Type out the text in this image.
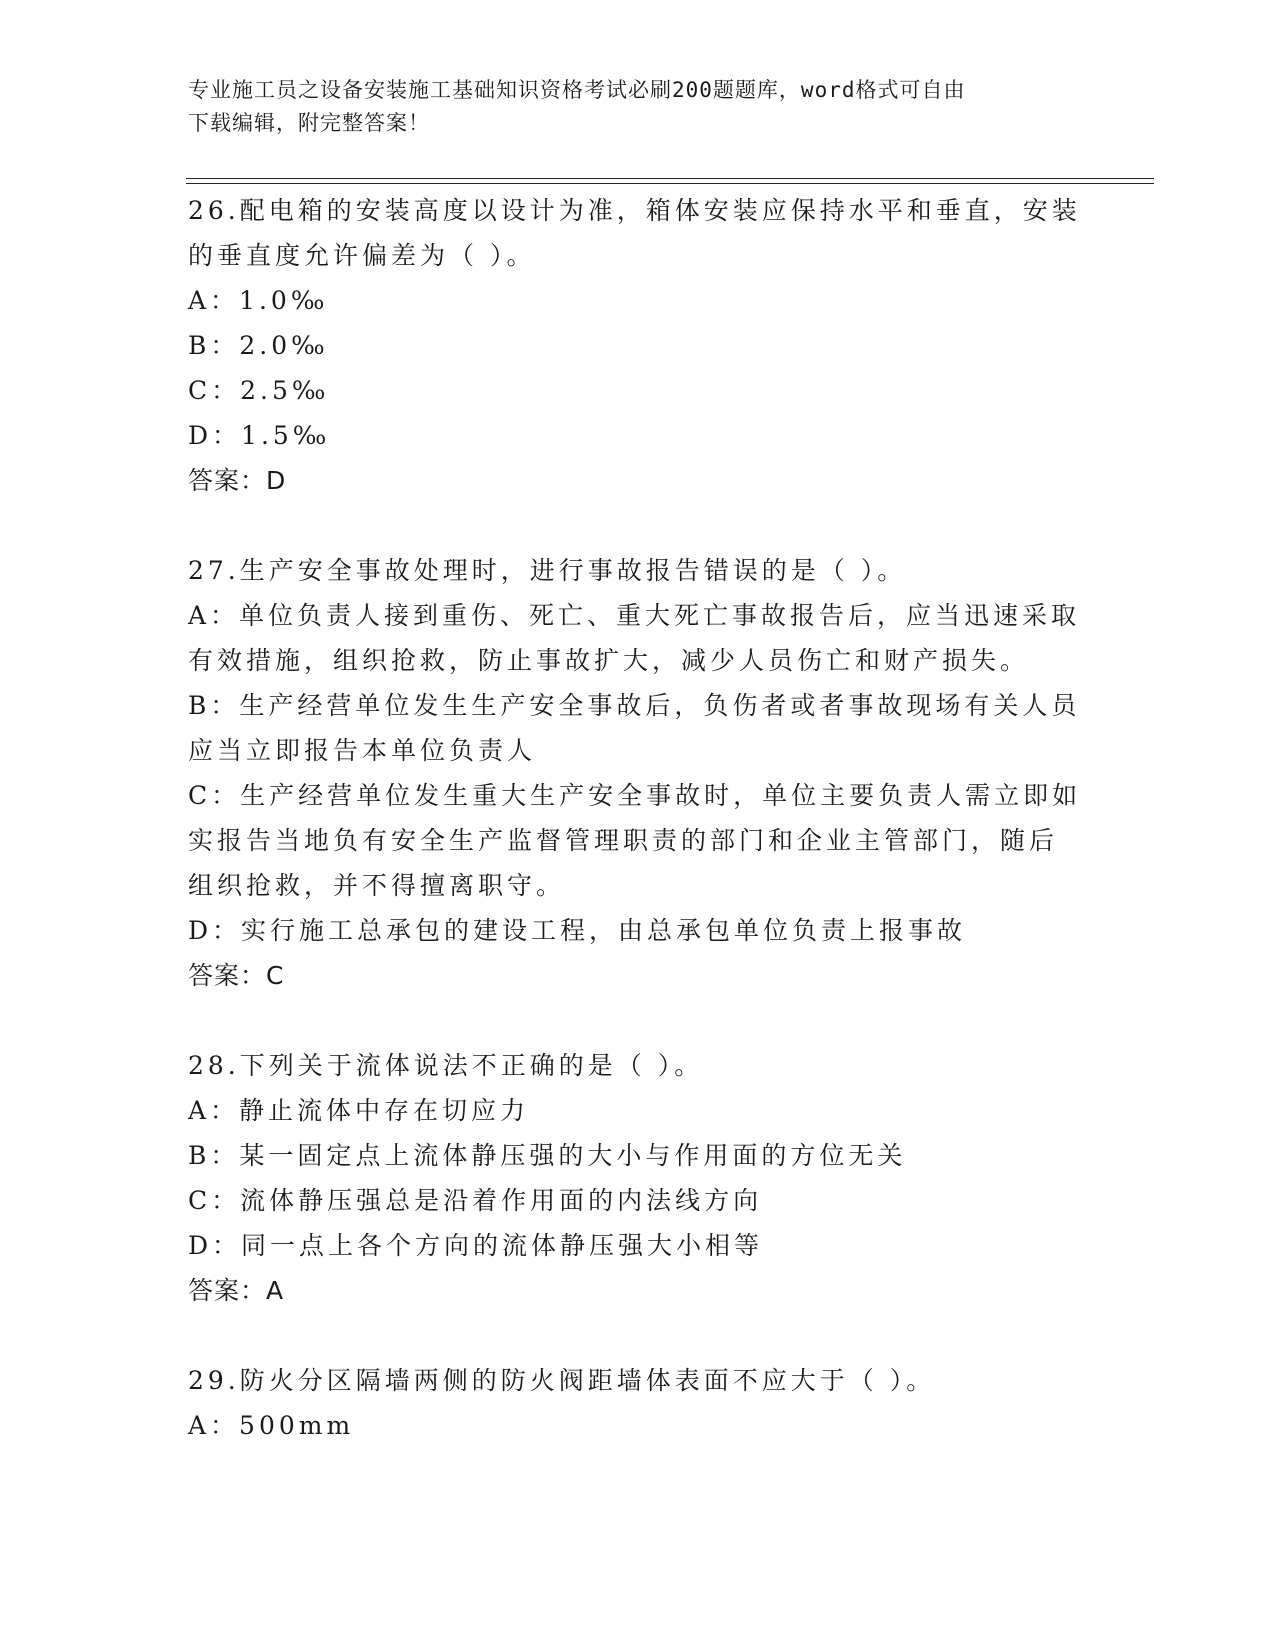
专业施工员之设备安装施工基础知识资格考试必刷200题题库，word格式可自由
下载编辑，附完整答案！
26.配电箱的安装高度以设计为准，箱体安装应保持水平和垂直，安装
的垂直度允许偏差为（ ）。
A：1.0‰
B：2.0‰
C：2.5‰
D：1.5‰
答案：D
27.生产安全事故处理时，进行事故报告错误的是（ ）。
A：单位负责人接到重伤、死亡、重大死亡事故报告后，应当迅速采取
有效措施，组织抢救，防止事故扩大，减少人员伤亡和财产损失。
B：生产经营单位发生生产安全事故后，负伤者或者事故现场有关人员
应当立即报告本单位负责人
C：生产经营单位发生重大生产安全事故时，单位主要负责人需立即如
实报告当地负有安全生产监督管理职责的部门和企业主管部门，随后
组织抢救，并不得擅离职守。
D：实行施工总承包的建设工程，由总承包单位负责上报事故
答案：C
28.下列关于流体说法不正确的是（ ）。
A：静止流体中存在切应力
B：某一固定点上流体静压强的大小与作用面的方位无关
C：流体静压强总是沿着作用面的内法线方向
D：同一点上各个方向的流体静压强大小相等
答案：A
29.防火分区隔墙两侧的防火阀距墙体表面不应大于（ ）。
A：500mm
